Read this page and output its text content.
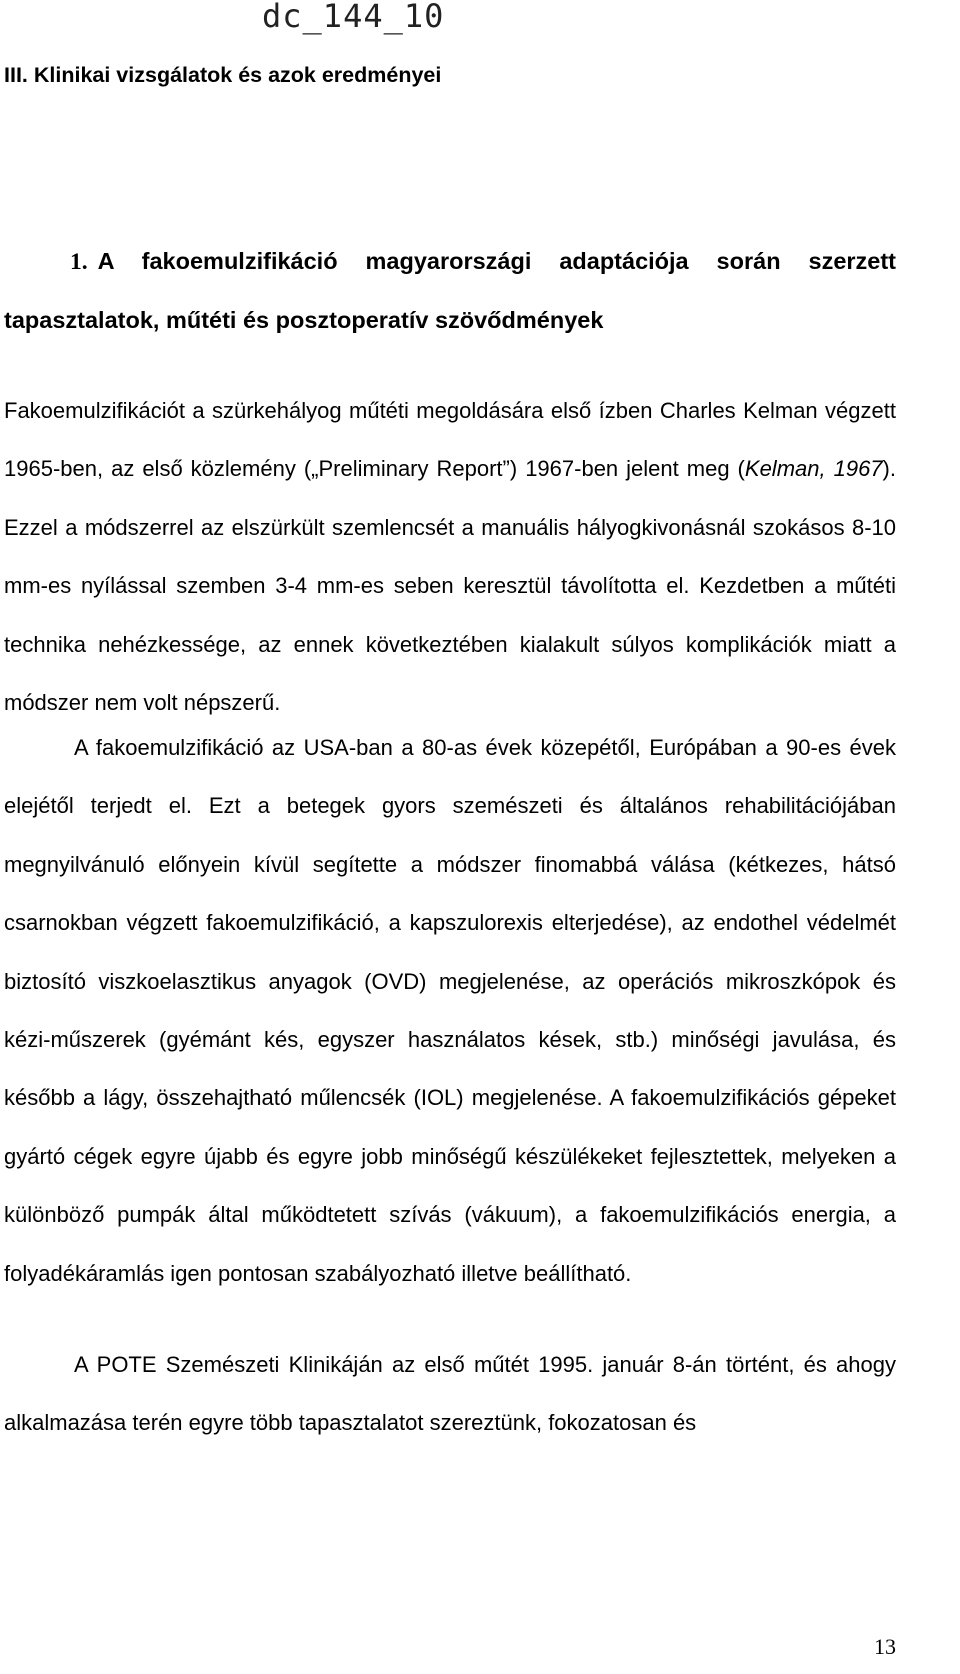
dc_144_10
III. Klinikai vizsgálatok és azok eredményei
1. A fakoemulzifikáció magyarországi adaptációja során szerzett tapasztalatok, műtéti és posztoperatív szövődmények

Fakoemulzifikációt a szürkehályog műtéti megoldására első ízben Charles Kelman végzett 1965-ben, az első közlemény („Preliminary Report”) 1967-ben jelent meg (Kelman, 1967). Ezzel a módszerrel az elszürkült szemlencsét a manuális hályogkivonásnál szokásos 8-10 mm-es nyílással szemben 3-4 mm-es seben keresztül távolította el. Kezdetben a műtéti technika nehézkessége, az ennek következtében kialakult súlyos komplikációk miatt a módszer nem volt népszerű.

A fakoemulzifikáció az USA-ban a 80-as évek közepétől, Európában a 90-es évek elejétől terjedt el. Ezt a betegek gyors szemészeti és általános rehabilitációjában megnyilvánuló előnyein kívül segítette a módszer finomabbá válása (kétkezes, hátsó csarnokban végzett fakoemulzifikáció, a kapszulorexis elterjedése), az endothel védelmét biztosító viszkoelasztikus anyagok (OVD) megjelenése, az operációs mikroszkópok és kézi-műszerek (gyémánt kés, egyszer használatos kések, stb.) minőségi javulása, és később a lágy, összehajtható műlencsék (IOL) megjelenése. A fakoemulzifikációs gépeket gyártó cégek egyre újabb és egyre jobb minőségű készülékeket fejlesztettek, melyeken a különböző pumpák által működtetett szívás (vákuum), a fakoemulzifikációs energia, a folyadékáramlás igen pontosan szabályozható illetve beállítható.

A POTE Szemészeti Klinikáján az első műtét 1995. január 8-án történt, és ahogy alkalmazása terén egyre több tapasztalatot szereztünk, fokozatosan és

13
